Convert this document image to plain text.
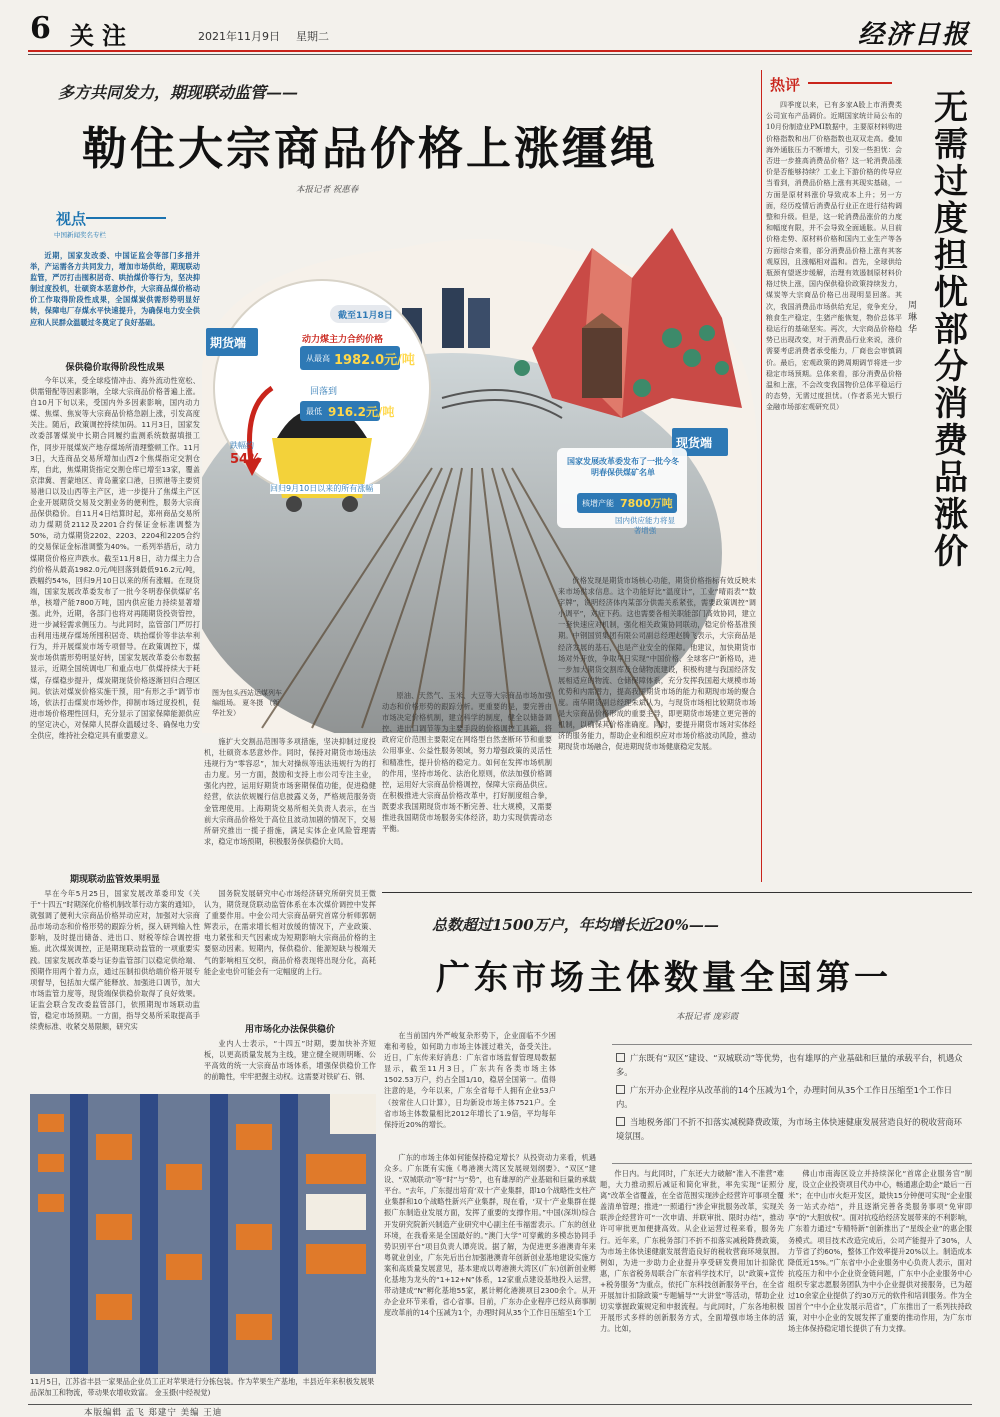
6 关注	2021年11月9日 星期二	经济日报
多方共同发力，期现联动监管——
勒住大宗商品价格上涨缰绳
本报记者 祝惠春
视点
中国新闻奖名专栏

近期，国家发改委、中国证监会等部门多措并举，产运需各方共同发力，增加市场供给，期现联动监管，严厉打击囤积居奇、哄抬煤价等行为，坚决抑制过度投机，壮硕资本恶意炒作，大宗商品煤价格动价工作取得阶段性成果，全国煤炭供需形势明显好转，保障电厂存煤水平快速提升，为确保电力安全供应和人民群众温暖过冬奠定了良好基础。

保供稳价取得阶段性成果

今年以来，受全球疫情冲击、海外流动性宽松、供需错配等因素影响，全球大宗商品价格普遍上涨。自10月下旬以来，受国内外多因素影响，国内动力煤、焦煤、焦炭等大宗商品价格急剧上涨，引发高度关注。随后，政策调控持续加码。11月3日，国家发改委部署煤炭中长期合同履约监测系统数据填报工作，同步开展煤炭产地存煤场所清理整顿工作。11月3日，大连商品交易所增加山西2个焦煤指定交割仓库，自此，焦煤期货指定交割仓库已增至13家，覆盖京津冀、晋蒙地区、青岛董家口港，日照港等主要贸易港口以及山西等主产区，进一步提升了焦煤主产区企业开展期货交易及交割业务的便利性，服务大宗商品保供稳价。自11月4日结算时起，郑州商品交易所动力煤期货2112及2201合约保证金标准调整为50%，动力煤期货2202、2203、2204和2205合约的交易保证金标准调整为40%。一系列举措后，动力煤期货价格应声跌水。截至11月8日，动力煤主力合约价格从最高1982.0元/吨回落到最低916.2元/吨，跌幅约54%，回归9月10日以来的所有涨幅。在现货端，国家发展改革委发布了一批今冬明春保供煤矿名单，核增产能7800万吨，国内供应能力持续显著增强。此外，近期，各部门也将对再随期货投资管控，进一步减轻需求侧压力。与此同时，监管部门严厉打击利用违规存煤场所囤积居奇、哄抬煤价等非法牟利行为，并开展煤炭市场专项督导。在政策调控下，煤炭市场供需形势明显好转，国家发展改革委公布数据显示，近期全国统调电厂和重点电厂供煤持续大于耗煤，存煤稳步提升，煤炭期现货价格逐渐回归合理区间。依法对煤炭价格实施干预，用“有形之手”调节市场，依法打击煤炭市场炒作，抑制市场过度投机，促进市场价格理性回归，充分显示了国家保障能源供应的坚定决心，对保障人民群众温暖过冬、确保电力安全供应，维持社会稳定具有重要意义。

期现联动监管效果明显

早在今年5月25日，国家发展改革委印发《关于“十四五”时期深化价格机制改革行动方案的通知》，就强调了便利大宗商品价格异动应对，加强对大宗商品市场动态和价格形势的跟踪分析，探入研判输入性影响，及时提出储备、进出口、财税等综合调控措施。此次煤炭调控，正是期现联动监管的一项重要实践。国家发展改革委与证券监管部门以稳定供给端、预期作用两个着力点，通过压制扣供给端价格开展专项督导，包括加大煤产能释放、加强进口调节，加大市场监管力度等，现货端保供稳价取得了良好效果。证监会联合发改委监管部门，依照期现市场联动监管，稳定市场预期。一方面，指导交易所采取提高手续费标准、收紧交易限额，研究实

期货端
现货端
截至11月8日
动力煤主力合约价格
从最高 1982.0元/吨
回落到
最低 916.2元/吨
跌幅约
54%
回归9月10日以来的所有涨幅
国家发展改革委发布了一批今冬明春保供煤矿名单
核增产能 7800万吨
国内供应能力将显著增强
图为包头西站运煤列车编组场。 夏冬摄 （新华社发）

施扩大交割品范围等多项措施，坚决抑制过度投机，壮硕资本恶意炒作。同时，保持对期货市场违法违规行为“零容忍”，加大对操纵等违法违规行为的打击力度。另一方面，鼓励和支持上市公司专注主业，强化内控，运用好期货市场套期保值功能，促进稳健经营，依法依规履行信息披露义务，严格规范服务资金管理使用。上海期货交易所相关负责人表示，在当前大宗商品价格处于高位且波动加剧的情况下，交易所研究推出一揽子措施，满足实体企业风险管理需求，稳定市场预期，积极服务保供稳价大局。

国务院发展研究中心市场经济研究所研究员王微认为，期货现货联动监管体系在本次煤价调控中发挥了重要作用。中金公司大宗商品研究首席分析师郭朝辉表示，在需求增长相对放缓的情况下，产业政策、电力紧张和天气因素成为短期影响大宗商品价格的主要驱动因素。短期内，保供稳价、能源短缺与极端天气的影响相互交织，商品价格表现将出现分化，高耗能企业电价可能会有一定幅度的上行。

用市场化办法保供稳价

业内人士表示，“十四五”时期，要加快补齐短板，以更高质量发展为主线，建立健全规则明晰、公平高效的统一大宗商品市场体系，增强保供稳价工作的前瞻性，牢牢把握主动权。这需要对铁矿石、钢、

原油、天然气、玉米、大豆等大宗商品市场加强动态和价格形势的跟踪分析。更重要的是，要完善由市场决定价格机制，建立科学的制度，健全以储备调控、进出口调节等为主要手段的价格调控工具箱，将政府定价范围主要限定在网络型自然垄断环节和重要公用事业、公益性服务领域，努力增强政策的灵活性和精准性，提升价格的稳定力。如何在发挥市场机制的作用，坚持市场化、法治化原则，依法加强价格调控，运用好大宗商品价格调控，保障大宗商品供应。在积极推进大宗商品价格改革中，打好制度组合拳，既要求我国期现货市场不断完善、壮大规模，又需要推进我国期货市场服务实体经济，助力实现供需动态平衡。

价格发现是期货市场核心功能，期货价格指标有效反映未来市场供求信息。这个功能好比“温度计”，工业“晴雨表”“数字牌”，说明经济体内某部分供需关系紧张，需要政策调控“调小调平”，对症下药。这也需要各相关职能部门高效协同，建立一套快速应对机制，强化相关政策协同联动，稳定价格基准预期。中钢国贸集团有限公司副总经理赵腾飞表示，大宗商品是经济发展的基石，也是产业安全的保障。他建议，加快期货市场对外开放，争取早日实现“中国价格、全球客户”新格局，进一步加大期货交割库及仓储物流建设，积极构建与我国经济发展相适应的物流、仓储保障体系，充分发挥我国超大规模市场优势和内需潜力，提高我国期货市场的能力和期现市场的聚合度。南华期货副总经理朱斌认为，与现货市场相比较期货市场是大宗商品价格形成的重要主导，即更期货市场建立更完善的机制，以确保其价格准确度。同时，要提升期货市场对实体经济的服务能力，帮助企业和组织应对市场价格波动风险，推动期现货市场融合，促进期现货市场健康稳定发展。

热评
无需过度担忧部分消费品涨价
周琳华

四季度以来，已有多家A股上市消费类公司宣布产品调价。近期国家统计局公布的10月份制造业PMI数据中，主要原材料购进价格指数和出厂价格指数也双双走高。叠加海外通胀压力不断增大，引发一些担忧：会否进一步推高消费品价格？这一轮消费品涨价是否能够持续？工业上下游价格的传导应当看到，消费品价格上涨有其现实基础，一方面是原材料涨价导致成本上升；另一方面，经历疫情后消费品行业正在进行结构调整和升级。但是，这一轮消费品涨价的力度和幅度有限，并不会导致全面通胀。从目前价格走势、原材料价格和国内工业生产等各方面综合来看，部分消费品价格上涨有其客观原因，且涨幅相对温和。首先，全球供给瓶颈有望逐步缓解，治理有效遏制原材料价格过快上涨，国内保供稳价政策持续发力，煤炭等大宗商品价格已出现明显回落。其次，我国消费品市场供给充足，竞争充分，粮食生产稳定，生猪产能恢复，物价总体平稳运行的基础坚实。再次，大宗商品价格趋势已出现改变，对于消费品行业来说，涨价需要考虑消费者承受能力，厂商也会审慎调价。最后，宏观政策的跨周期调节将进一步稳定市场预期。总体来看，部分消费品价格温和上涨，不会改变我国物价总体平稳运行的态势，无需过度担忧。（作者系光大银行金融市场部宏观研究员）

总数超过1500万户，年均增长近20%——
广东市场主体数量全国第一
本报记者 庞彩霞

在当前国内外严峻复杂形势下，企业面临不少困难和考验，如何助力市场主体渡过难关，备受关注。近日，广东传来好消息：广东省市场监督管理局数据显示，截至11月3日，广东共有各类市场主体1502.53万户，约占全国1/10，稳居全国第一。值得注意的是，今年以来，广东全省每千人拥有企业53户（按常住人口计算），日均新设市场主体7521户。全省市场主体数量相比2012年增长了1.9倍，平均每年保持近20%的增长。

广东既有“双区”建设、“双城联动”等优势，也有雄厚的产业基础和巨量的承载平台，机遇众多。
广东开办企业程序从改革前的14个压减为1个，办理时间从35个工作日压缩至1个工作日内。
当地税务部门不折不扣落实减税降费政策，为市场主体快速健康发展营造良好的税收营商环境氛围。

广东的市场主体如何能保持稳定增长？从投资动力来看，机遇众多。广东既有实施《粤港澳大湾区发展规划纲要》、“双区”建设、“双城联动”等“时”与“势”，也有雄厚的产业基础和巨量的承载平台。“去年，广东提出培育‘双十’产业集群，即10个战略性支柱产业集群和10个战略性新兴产业集群，现在看，‘双十’产业集群在提振广东制造业发展方面，发挥了重要的支撑作用。”中国(深圳)综合开发研究院新兴制造产业研究中心副主任韦福雷表示。广东的创业环境，在我看来是全国最好的。”澳门大学“可穿戴的多模态协同手势识别平台”项目负责人谭亮说。据了解，为促进更多港澳青年来粤就业创业，广东先后出台加强港澳青年创新创业基地建设实施方案和高质量发展意见，基本建成以粤港澳大湾区(广东)创新创业孵化基地为龙头的“1+12+N”体系，12家重点建设基地投入运营，带动建成“N”孵化基地55家，累计孵化港澳项目2300余个。从开办企业环节来看，省心省事。目前，广东办企业程序已经从商事制度改革前的14个压减为1个，办理时间从35个工作日压缩至1个工

作日内。与此同时，广东还大力破解“准入不准营”难题，大力推动照后减证和简化审批，率先实现“证照分离”改革全省覆盖，在全省范围实现涉企经营许可事项全覆盖清单管理；推进“一照通行”涉企审批服务改革，实现关联涉企经营许可“一次申请、并联审批、限时办结”，推动许可审批更加便捷高效。从企业运营过程来看，服务先行。近年来，广东税务部门不折不扣落实减税降费政策，为市场主体快速健康发展营造良好的税收营商环境氛围。例如，为进一步助力企业提升享受研发费用加计扣除优惠，广东省税务局联合广东省科学技术厅，以“政策+宣传+税务服务”为重点，依托广东科技创新服务平台，在全省开展加计扣除政策“专题辅导”“大讲堂”等活动，帮助企业切实掌握政策规定和申报流程。与此同时，广东各地积极开展形式多样的创新服务方式，全面增强市场主体的活力。比如，

佛山市南海区设立并持续深化“首席企业服务官”制度，设立企业投资项目代办中心，畅通惠企助企“最后一百米”；在中山市火炬开发区，最快15分钟便可实现“企业服务一站式办结”，并且逐渐完善各类服务事项“免审即享”的“大胆放权”。面对抗疫给经济发展带来的不利影响，广东着力通过“专精特新”创新推出了“星级企业”的惠企服务模式。项目技术改造完成后，公司产能提升了30%，人力节省了约60%，整体工作效率提升20%以上。制造成本降低近15%。”广东省中小企业服务中心负责人表示，面对抗疫压力和中小企业资金链问题，广东中小企业服务中心组织专家志愿服务团队为中小企业提供对接服务，已为超过10余家企业提供了约30万元的软件和培训服务。作为全国首个“中小企业发展示范省”，广东推出了一系列扶持政策，对中小企业的发展发挥了重要的推动作用，为广东市场主体保持稳定增长提供了有力支撑。

11月5日，江苏省丰县一家果品企业员工正对苹果进行分拣包装。作为苹果生产基地，丰县近年来积极发展果品深加工和物流，带动果农增收致富。 金玉摄(中经视觉)
本版编辑 孟飞 郑建宁 美编 王迪
